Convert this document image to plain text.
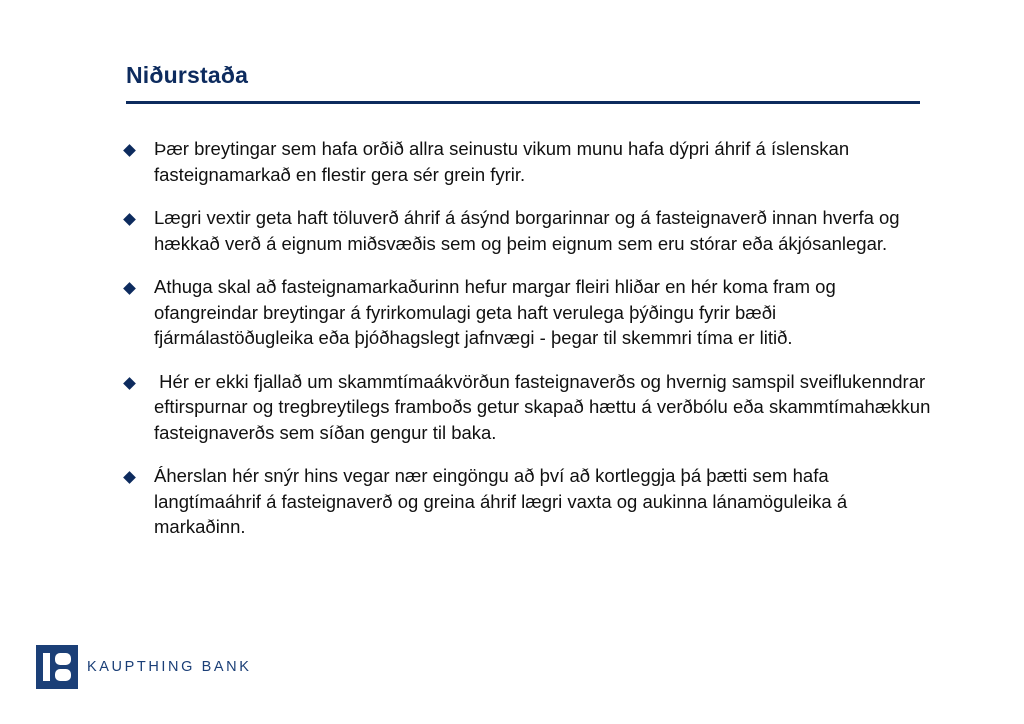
Niðurstaða
Þær breytingar sem hafa orðið allra seinustu vikum munu hafa dýpri áhrif á íslenskan fasteignamarkað en flestir gera sér grein fyrir.
Lægri vextir geta haft töluverð áhrif á ásýnd borgarinnar og á fasteignaverð innan hverfa og hækkað verð á eignum miðsvæðis sem og þeim eignum sem eru stórar eða ákjósanlegar.
Athuga skal að fasteignamarkaðurinn hefur margar fleiri hliðar en hér koma fram og ofangreindar breytingar á fyrirkomulagi geta haft verulega þýðingu fyrir bæði fjármálastöðugleika eða þjóðhagslegt jafnvægi - þegar til skemmri tíma er litið.
Hér er ekki fjallað um skammtímaákvörðun fasteignaverðs og hvernig samspil sveiflukenndrar eftirspurnar og tregbreytilegs framboðs getur skapað hættu á verðbólu eða skammtímahækkun fasteignaverðs sem síðan gengur til baka.
Áherslan hér snýr hins vegar nær eingöngu að því að kortleggja þá þætti sem hafa langtímaáhrif á fasteignaverð og greina áhrif lægri vaxta og aukinna lánamöguleika á markaðinn.
KAUPTHING BANK
